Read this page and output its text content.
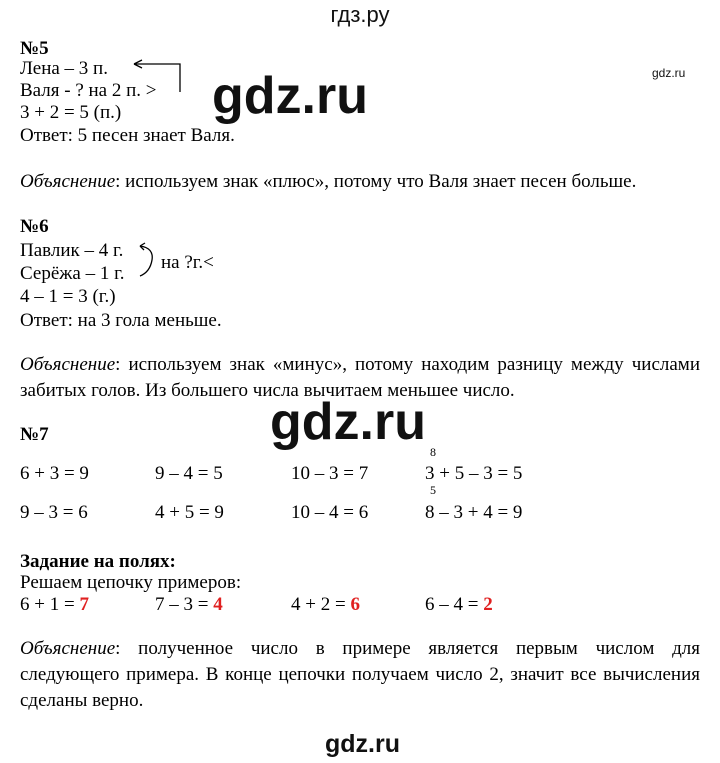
гдз.ру
gdz.ru
gdz.ru
gdz.ru
gdz.ru
№5
Лена – 3 п.
Валя - ? на 2 п. >
3 + 2 = 5 (п.)
Ответ: 5 песен знает Валя.
Объяснение: используем знак «плюс», потому что Валя знает песен больше.
№6
Павлик – 4 г.
Серёжа – 1 г.
4 – 1 = 3 (г.)
Ответ: на 3 гола меньше.
на ?г.<
Объяснение: используем знак «минус», потому находим разницу между числами забитых голов. Из большего числа вычитаем меньшее число.
№7
6 + 3 = 9	9 – 4 = 5	10 – 3 = 7	3 + 5 – 3 = 5
8
9 – 3 = 6	4 + 5 = 9	10 – 4 = 6	8 – 3 + 4 = 9
5
Задание на полях:
Решаем цепочку примеров:
6 + 1 = 7	7 – 3 = 4	4 + 2 = 6	6 – 4 = 2
Объяснение: полученное число в примере является первым числом для следующего примера. В конце цепочки получаем число 2, значит все вычисления сделаны верно.
